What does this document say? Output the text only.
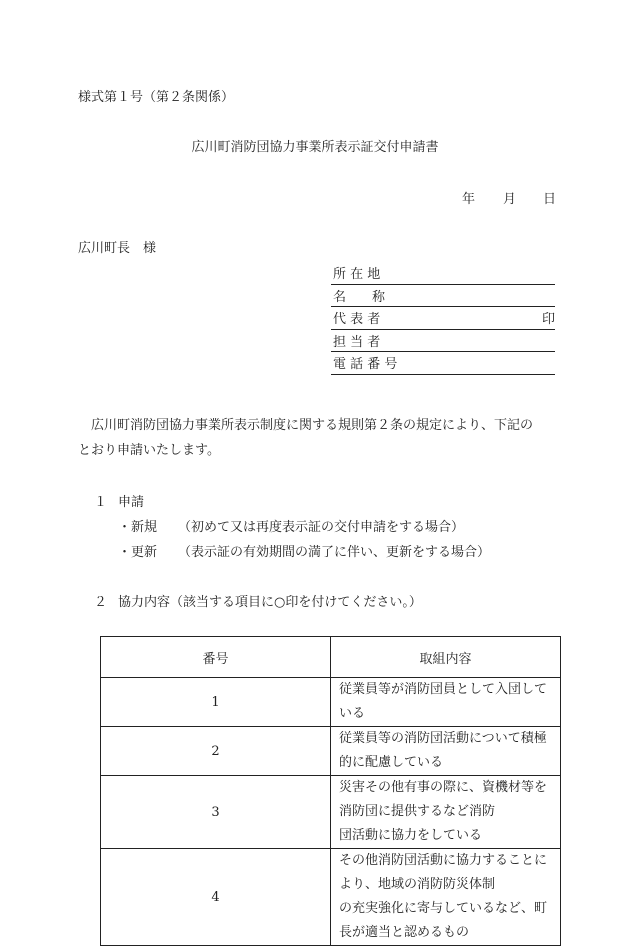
様式第１号（第２条関係）
広川町消防団協力事業所表示証交付申請書
年 月 日
広川町長　様
所 在 地
名　　称
代 表 者	印
担 当 者
電 話 番 号
広川町消防団協力事業所表示制度に関する規則第２条の規定により、下記の
とおり申請いたします。
１ 申請
・新規 （初めて又は再度表示証の交付申請をする場合）
・更新 （表示証の有効期間の満了に伴い、更新をする場合）
２ 協力内容（該当する項目に○印を付けてください。）
番号	取組内容
1	従業員等が消防団員として入団している
2	従業員等の消防団活動について積極的に配慮している
3	災害その他有事の際に、資機材等を消防団に提供するなど消防
団活動に協力をしている
4	その他消防団活動に協力することにより、地域の消防防災体制
の充実強化に寄与しているなど、町長が適当と認めるもの
